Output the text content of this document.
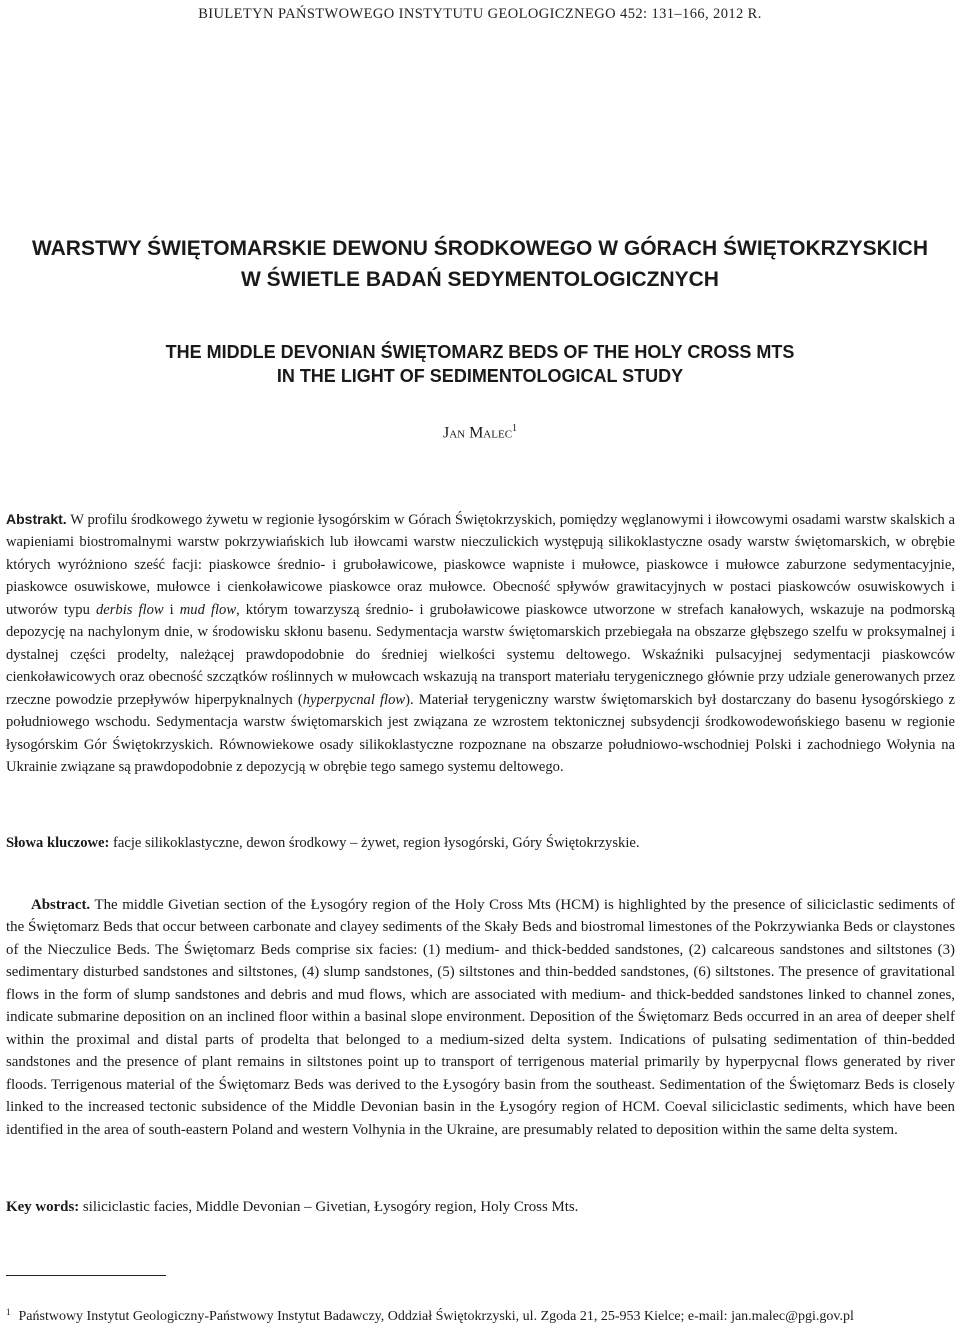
BIULETYN PAŃSTWOWEGO INSTYTUTU GEOLOGICZNEGO 452: 131–166, 2012 R.
WARSTWY ŚWIĘTOMARSKIE DEWONU ŚRODKOWEGO W GÓRACH ŚWIĘTOKRZYSKICH
W ŚWIETLE BADAŃ SEDYMENTOLOGICZNYCH
THE MIDDLE DEVONIAN ŚWIĘTOMARZ BEDS OF THE HOLY CROSS MTS
IN THE LIGHT OF SEDIMENTOLOGICAL STUDY
Jan Malec$^1$
Abstrakt. W profilu środkowego żywetu w regionie łysogórskim w Górach Świętokrzyskich, pomiędzy węglanowymi i iłowcowymi osadami warstw skalskich a wapieniami biostromalnymi warstw pokrzywiańskich lub iłowcami warstw nieczulickich występują silikoklastyczne osady warstw świętomarskich, w obrębie których wyróżniono sześć facji: piaskowce średnio- i gruboławicowe, piaskowce wapniste i mułowce, piaskowce i mułowce zaburzone sedymentacyjnie, piaskowce osuwiskowe, mułowce i cienkoławicowe piaskowce oraz mułowce. Obecność spływów grawitacyjnych w postaci piaskowców osuwiskowych i utworów typu derbis flow i mud flow, którym towarzyszą średnio- i gruboławicowe piaskowce utworzone w strefach kanałowych, wskazuje na podmorską depozycję na nachylonym dnie, w środowisku skłonu basenu. Sedymentacja warstw świętomarskich przebiegała na obszarze głębszego szelfu w proksymalnej i dystalnej części prodelty, należącej prawdopodobnie do średniej wielkości systemu deltowego. Wskaźniki pulsacyjnej sedymentacji piaskowców cienkoławicowych oraz obecność szczątków roślinnych w mułowcach wskazują na transport materiału terygenicznego głównie przy udziale generowanych przez rzeczne powodzie przepływów hiperpyknalnych (hyperpycnal flow). Materiał terygeniczny warstw świętomarskich był dostarczany do basenu łysogórskiego z południowego wschodu. Sedymentacja warstw świętomarskich jest związana ze wzrostem tektonicznej subsydencji środkowodewońskiego basenu w regionie łysogórskim Gór Świętokrzyskich. Równowiekowe osady silikoklastyczne rozpoznane na obszarze południowo-wschodniej Polski i zachodniego Wołynia na Ukrainie związane są prawdopodobnie z depozycją w obrębie tego samego systemu deltowego.
Słowa kluczowe: facje silikoklastyczne, dewon środkowy – żywet, region łysogórski, Góry Świętokrzyskie.
Abstract. The middle Givetian section of the Łysogóry region of the Holy Cross Mts (HCM) is highlighted by the presence of siliciclastic sediments of the Świętomarz Beds that occur between carbonate and clayey sediments of the Skały Beds and biostromal limestones of the Pokrzywianka Beds or claystones of the Nieczulice Beds. The Świętomarz Beds comprise six facies: (1) medium- and thick-bedded sandstones, (2) calcareous sandstones and siltstones (3) sedimentary disturbed sandstones and siltstones, (4) slump sandstones, (5) siltstones and thin-bedded sandstones, (6) siltstones. The presence of gravitational flows in the form of slump sandstones and debris and mud flows, which are associated with medium- and thick-bedded sandstones linked to channel zones, indicate submarine deposition on an inclined floor within a basinal slope environment. Deposition of the Świętomarz Beds occurred in an area of deeper shelf within the proximal and distal parts of prodelta that belonged to a medium-sized delta system. Indications of pulsating sedimentation of thin-bedded sandstones and the presence of plant remains in siltstones point up to transport of terrigenous material primarily by hyperpycnal flows generated by river floods. Terrigenous material of the Świętomarz Beds was derived to the Łysogóry basin from the southeast. Sedimentation of the Świętomarz Beds is closely linked to the increased tectonic subsidence of the Middle Devonian basin in the Łysogóry region of HCM. Coeval siliciclastic sediments, which have been identified in the area of south-eastern Poland and western Volhynia in the Ukraine, are presumably related to deposition within the same delta system.
Key words: siliciclastic facies, Middle Devonian – Givetian, Łysogóry region, Holy Cross Mts.
$^1$ Państwowy Instytut Geologiczny-Państwowy Instytut Badawczy, Oddział Świętokrzyski, ul. Zgoda 21, 25-953 Kielce; e-mail: jan.malec@pgi.gov.pl
